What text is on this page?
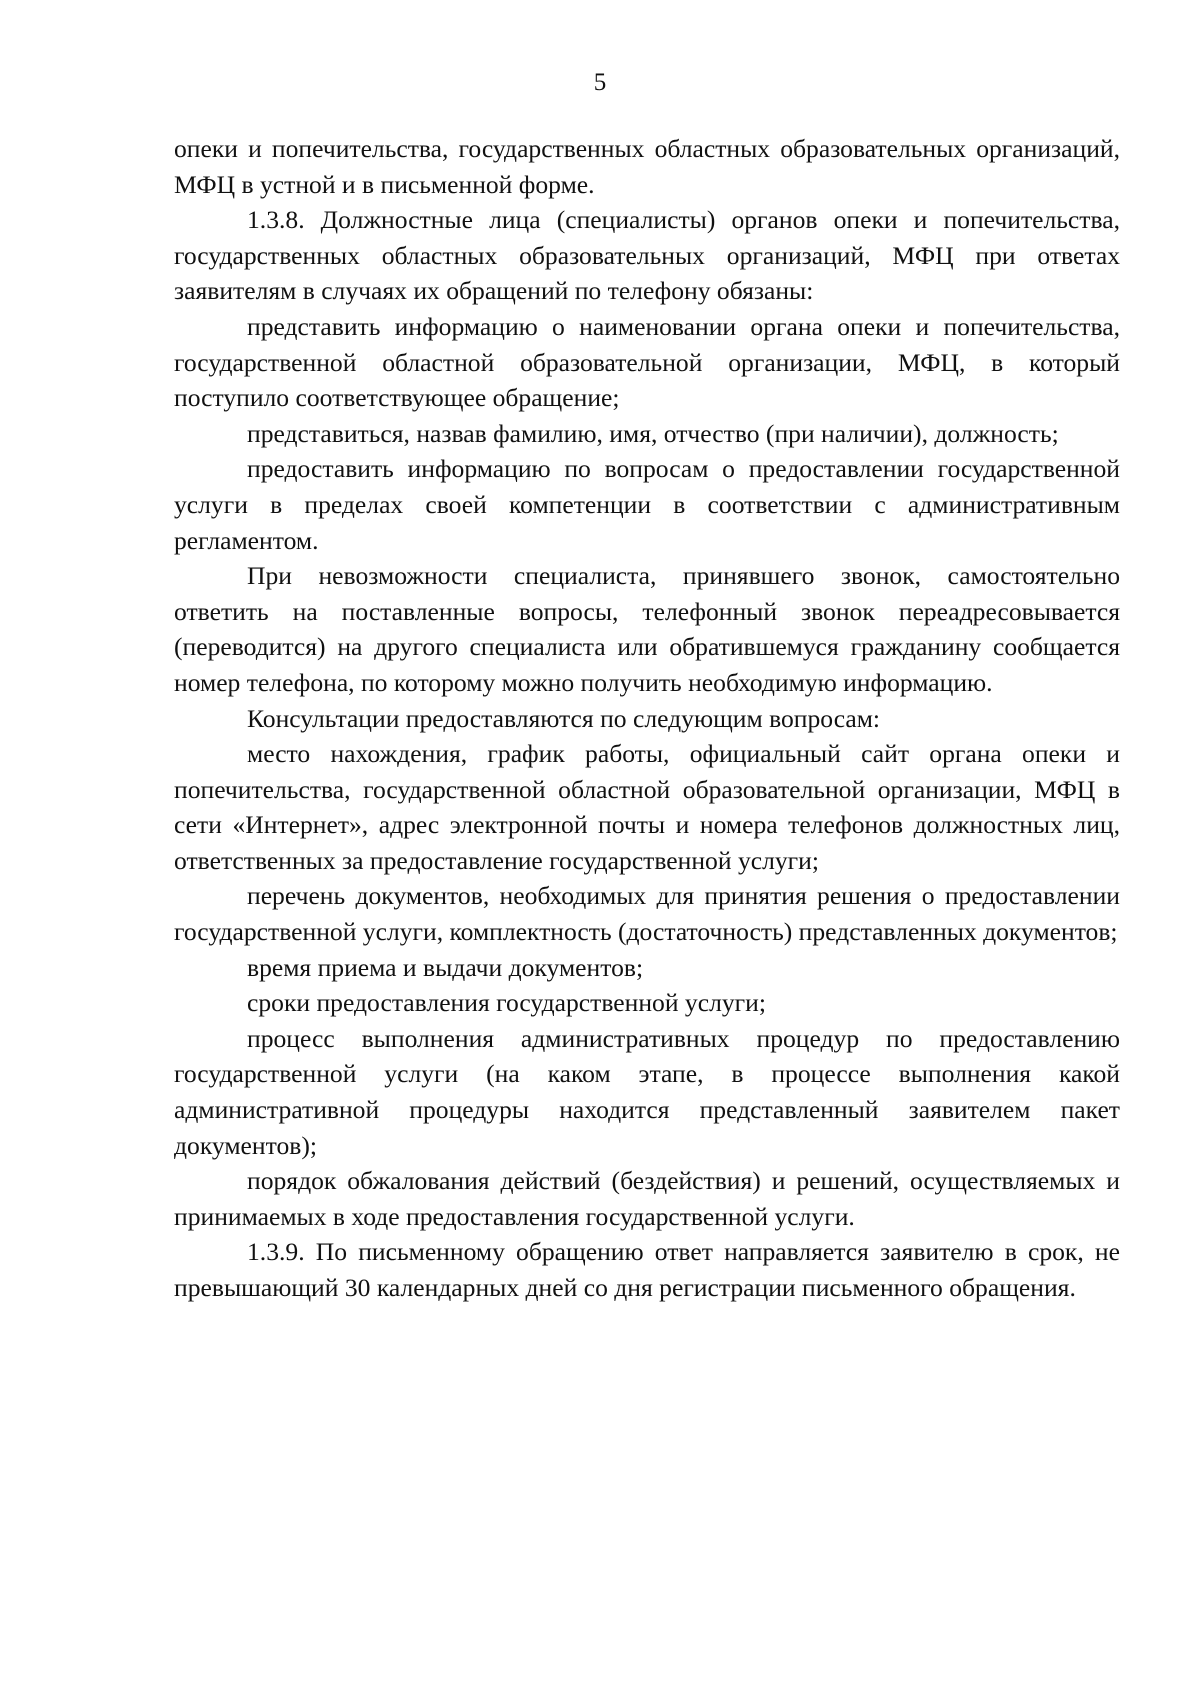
5

опеки и попечительства, государственных областных образовательных организаций, МФЦ в устной и в письменной форме.

1.3.8. Должностные лица (специалисты) органов опеки и попечительства, государственных областных образовательных организаций, МФЦ при ответах заявителям в случаях их обращений по телефону обязаны:

представить информацию о наименовании органа опеки и попечительства, государственной областной образовательной организации, МФЦ, в который поступило соответствующее обращение;

представиться, назвав фамилию, имя, отчество (при наличии), должность;

предоставить информацию по вопросам о предоставлении государственной услуги в пределах своей компетенции в соответствии с административным регламентом.

При невозможности специалиста, принявшего звонок, самостоятельно ответить на поставленные вопросы, телефонный звонок переадресовывается (переводится) на другого специалиста или обратившемуся гражданину сообщается номер телефона, по которому можно получить необходимую информацию.

Консультации предоставляются по следующим вопросам:

место нахождения, график работы, официальный сайт органа опеки и попечительства, государственной областной образовательной организации, МФЦ в сети «Интернет», адрес электронной почты и номера телефонов должностных лиц, ответственных за предоставление государственной услуги;

перечень документов, необходимых для принятия решения о предоставлении государственной услуги, комплектность (достаточность) представленных документов;

время приема и выдачи документов;

сроки предоставления государственной услуги;

процесс выполнения административных процедур по предоставлению государственной услуги (на каком этапе, в процессе выполнения какой административной процедуры находится представленный заявителем пакет документов);

порядок обжалования действий (бездействия) и решений, осуществляемых и принимаемых в ходе предоставления государственной услуги.

1.3.9. По письменному обращению ответ направляется заявителю в срок, не превышающий 30 календарных дней со дня регистрации письменного обращения.
